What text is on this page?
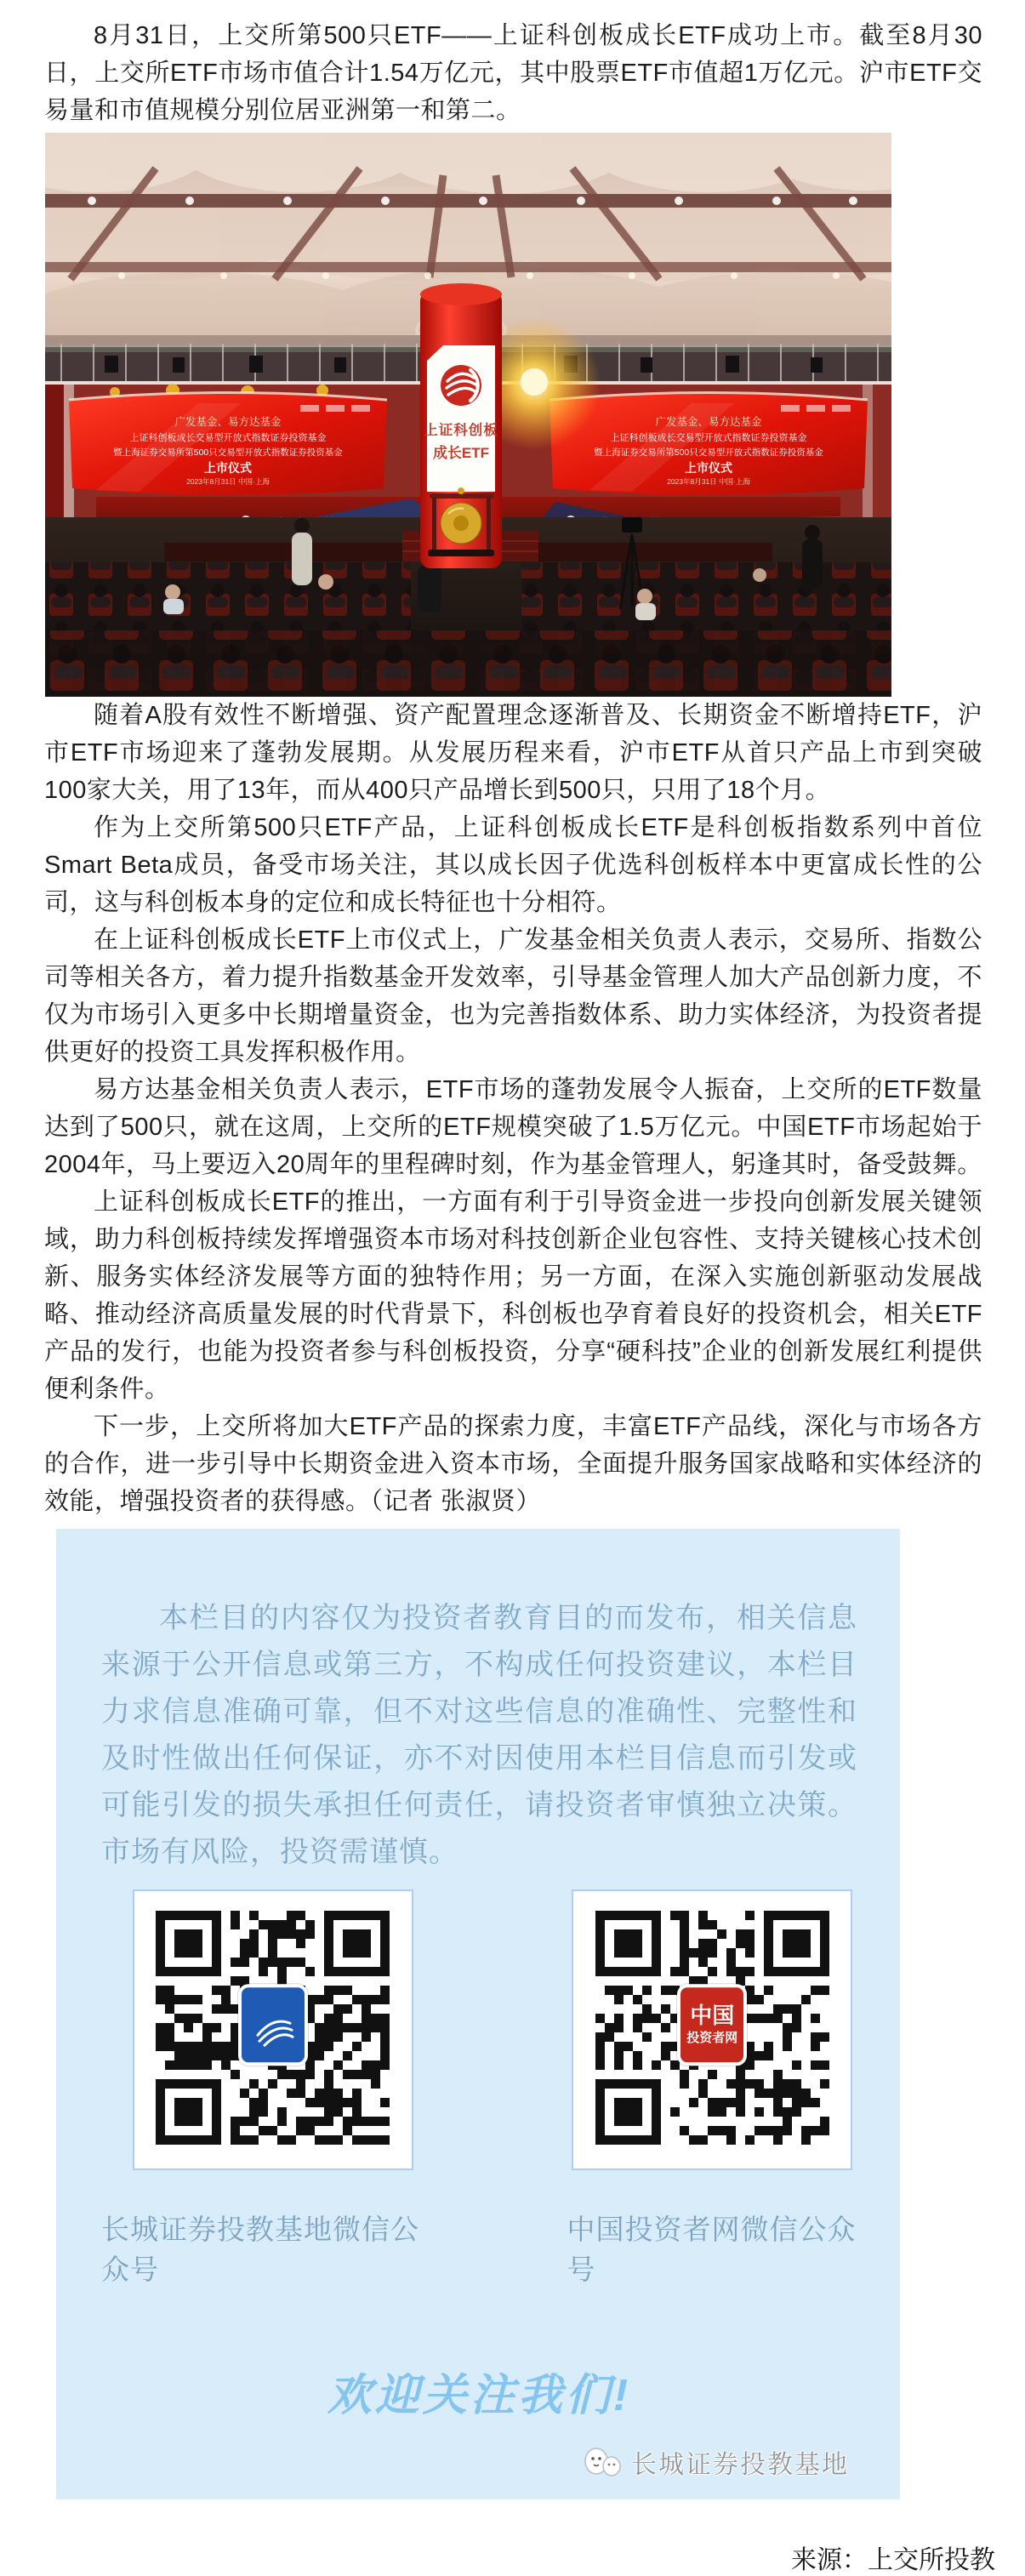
8月31日，上交所第500只ETF——上证科创板成长ETF成功上市。截至8月30日，上交所ETF市场市值合计1.54万亿元，其中股票ETF市值超1万亿元。沪市ETF交易量和市值规模分别位居亚洲第一和第二。

广发基金、易方达基金
上证科创板成长交易型开放式指数证券投资基金
暨上海证券交易所第500只交易型开放式指数证券投资基金
上市仪式
2023年8月31日 中国·上海
广发基金、易方达基金
上证科创板成长交易型开放式指数证券投资基金
暨上海证券交易所第500只交易型开放式指数证券投资基金
上市仪式
2023年8月31日 中国·上海
上证科创板
成长ETF

随着A股有效性不断增强、资产配置理念逐渐普及、长期资金不断增持ETF，沪市ETF市场迎来了蓬勃发展期。从发展历程来看，沪市ETF从首只产品上市到突破100家大关，用了13年，而从400只产品增长到500只，只用了18个月。

作为上交所第500只ETF产品，上证科创板成长ETF是科创板指数系列中首位Smart Beta成员，备受市场关注，其以成长因子优选科创板样本中更富成长性的公司，这与科创板本身的定位和成长特征也十分相符。

在上证科创板成长ETF上市仪式上，广发基金相关负责人表示，交易所、指数公司等相关各方，着力提升指数基金开发效率，引导基金管理人加大产品创新力度，不仅为市场引入更多中长期增量资金，也为完善指数体系、助力实体经济，为投资者提供更好的投资工具发挥积极作用。

易方达基金相关负责人表示，ETF市场的蓬勃发展令人振奋，上交所的ETF数量达到了500只，就在这周，上交所的ETF规模突破了1.5万亿元。中国ETF市场起始于2004年，马上要迈入20周年的里程碑时刻，作为基金管理人，躬逢其时，备受鼓舞。

上证科创板成长ETF的推出，一方面有利于引导资金进一步投向创新发展关键领域，助力科创板持续发挥增强资本市场对科技创新企业包容性、支持关键核心技术创新、服务实体经济发展等方面的独特作用；另一方面，在深入实施创新驱动发展战略、推动经济高质量发展的时代背景下，科创板也孕育着良好的投资机会，相关ETF产品的发行，也能为投资者参与科创板投资，分享“硬科技”企业的创新发展红利提供便利条件。

下一步，上交所将加大ETF产品的探索力度，丰富ETF产品线，深化与市场各方的合作，进一步引导中长期资金进入资本市场，全面提升服务国家战略和实体经济的效能，增强投资者的获得感。（记者 张淑贤）

本栏目的内容仅为投资者教育目的而发布，相关信息来源于公开信息或第三方，不构成任何投资建议，本栏目力求信息准确可靠，但不对这些信息的准确性、完整性和及时性做出任何保证，亦不对因使用本栏目信息而引发或可能引发的损失承担任何责任，请投资者审慎独立决策。市场有风险，投资需谨慎。

长城证券投教基地微信公众号
中国
投资者网
中国投资者网微信公众号
欢迎关注我们!
长城证券投教基地
来源：上交所投教
